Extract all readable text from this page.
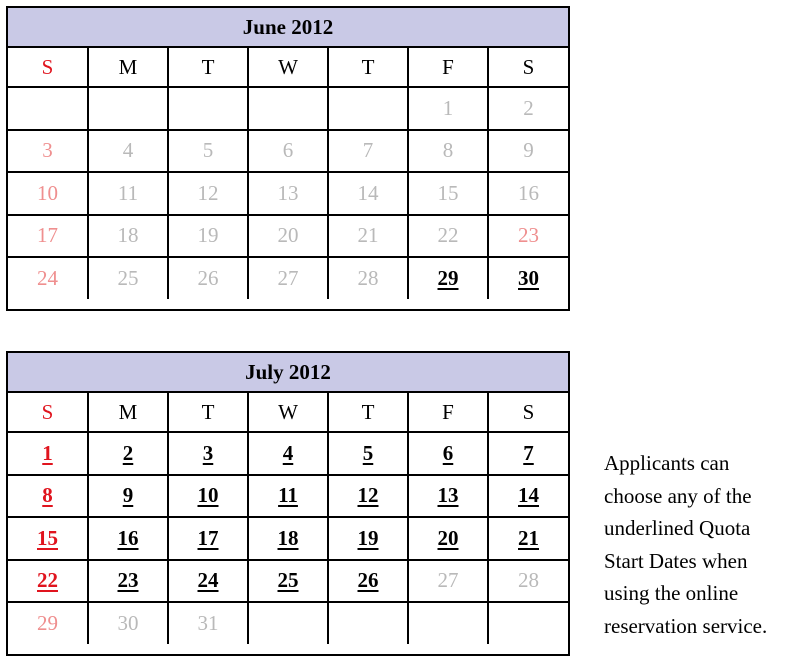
June 2012
S	M	T	W	T	F	S
					1	2
3	4	5	6	7	8	9
10	11	12	13	14	15	16
17	18	19	20	21	22	23
24	25	26	27	28	29	30
July 2012
S	M	T	W	T	F	S
1	2	3	4	5	6	7
8	9	10	11	12	13	14
15	16	17	18	19	20	21
22	23	24	25	26	27	28
29	30	31				
Applicants can
choose any of the
underlined Quota
Start Dates when
using the online
reservation service.
